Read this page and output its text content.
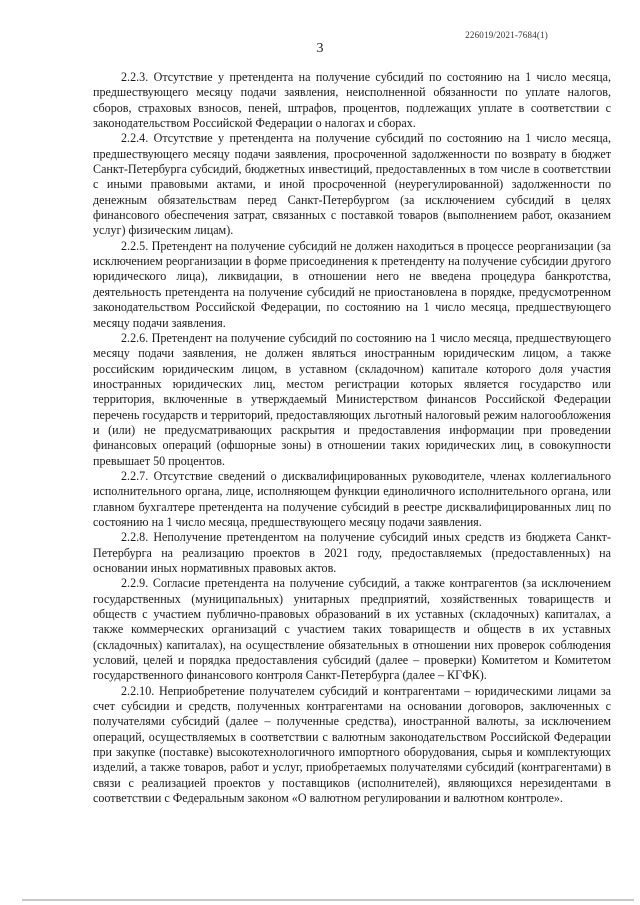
226019/2021-7684(1)
3

2.2.3. Отсутствие у претендента на получение субсидий по состоянию на 1 число месяца, предшествующего месяцу подачи заявления, неисполненной обязанности по уплате налогов, сборов, страховых взносов, пеней, штрафов, процентов, подлежащих уплате в соответствии с законодательством Российской Федерации о налогах и сборах.

2.2.4. Отсутствие у претендента на получение субсидий по состоянию на 1 число месяца, предшествующего месяцу подачи заявления, просроченной задолженности по возврату в бюджет Санкт-Петербурга субсидий, бюджетных инвестиций, предоставленных в том числе в соответствии с иными правовыми актами, и иной просроченной (неурегулированной) задолженности по денежным обязательствам перед Санкт-Петербургом (за исключением субсидий в целях финансового обеспечения затрат, связанных с поставкой товаров (выполнением работ, оказанием услуг) физическим лицам).

2.2.5. Претендент на получение субсидий не должен находиться в процессе реорганизации (за исключением реорганизации в форме присоединения к претенденту на получение субсидии другого юридического лица), ликвидации, в отношении него не введена процедура банкротства, деятельность претендента на получение субсидий не приостановлена в порядке, предусмотренном законодательством Российской Федерации, по состоянию на 1 число месяца, предшествующего месяцу подачи заявления.

2.2.6. Претендент на получение субсидий по состоянию на 1 число месяца, предшествующего месяцу подачи заявления, не должен являться иностранным юридическим лицом, а также российским юридическим лицом, в уставном (складочном) капитале которого доля участия иностранных юридических лиц, местом регистрации которых является государство или территория, включенные в утверждаемый Министерством финансов Российской Федерации перечень государств и территорий, предоставляющих льготный налоговый режим налогообложения и (или) не предусматривающих раскрытия и предоставления информации при проведении финансовых операций (офшорные зоны) в отношении таких юридических лиц, в совокупности превышает 50 процентов.

2.2.7. Отсутствие сведений о дисквалифицированных руководителе, членах коллегиального исполнительного органа, лице, исполняющем функции единоличного исполнительного органа, или главном бухгалтере претендента на получение субсидий в реестре дисквалифицированных лиц по состоянию на 1 число месяца, предшествующего месяцу подачи заявления.

2.2.8. Неполучение претендентом на получение субсидий иных средств из бюджета Санкт-Петербурга на реализацию проектов в 2021 году, предоставляемых (предоставленных) на основании иных нормативных правовых актов.

2.2.9. Согласие претендента на получение субсидий, а также контрагентов (за исключением государственных (муниципальных) унитарных предприятий, хозяйственных товариществ и обществ с участием публично-правовых образований в их уставных (складочных) капиталах, а также коммерческих организаций с участием таких товариществ и обществ в их уставных (складочных) капиталах), на осуществление обязательных в отношении них проверок соблюдения условий, целей и порядка предоставления субсидий (далее – проверки) Комитетом и Комитетом государственного финансового контроля Санкт-Петербурга (далее – КГФК).

2.2.10. Неприобретение получателем субсидий и контрагентами – юридическими лицами за счет субсидии и средств, полученных контрагентами на основании договоров, заключенных с получателями субсидий (далее – полученные средства), иностранной валюты, за исключением операций, осуществляемых в соответствии с валютным законодательством Российской Федерации при закупке (поставке) высокотехнологичного импортного оборудования, сырья и комплектующих изделий, а также товаров, работ и услуг, приобретаемых получателями субсидий (контрагентами) в связи с реализацией проектов у поставщиков (исполнителей), являющихся нерезидентами в соответствии с Федеральным законом «О валютном регулировании и валютном контроле».
